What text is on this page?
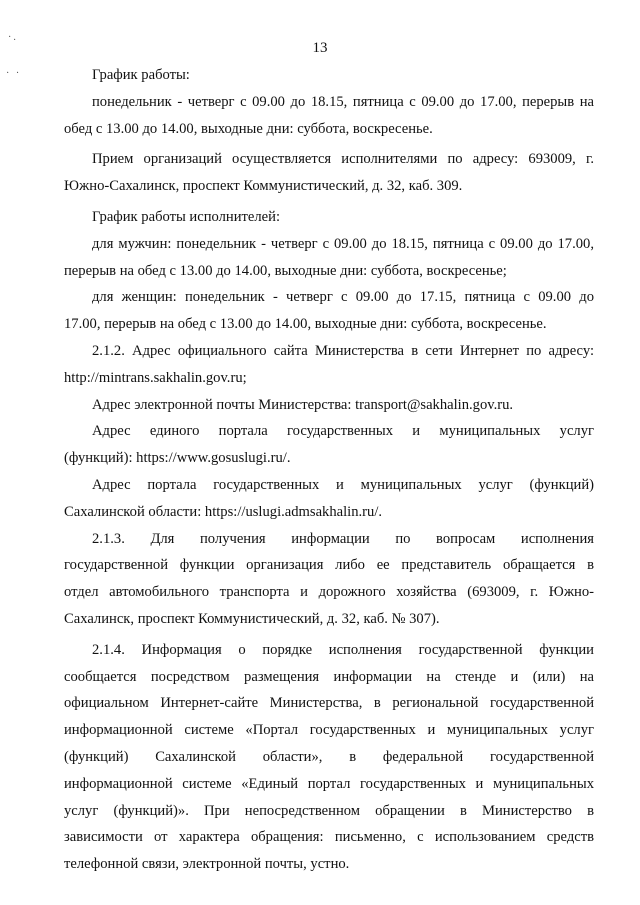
·.
· ·
13
График работы:
понедельник - четверг с 09.00 до 18.15, пятница с 09.00 до 17.00, перерыв на
обед с 13.00 до 14.00, выходные дни: суббота, воскресенье.
Прием организаций осуществляется исполнителями по адресу: 693009, г.
Южно-Сахалинск, проспект Коммунистический, д. 32, каб. 309.
График работы исполнителей:
для мужчин: понедельник - четверг с 09.00 до 18.15, пятница с 09.00 до 17.00,
перерыв на обед с 13.00 до 14.00, выходные дни: суббота, воскресенье;
для женщин: понедельник - четверг с 09.00 до 17.15, пятница с 09.00 до
17.00, перерыв на обед с 13.00 до 14.00, выходные дни: суббота, воскресенье.
2.1.2. Адрес официального сайта Министерства в сети Интернет по адресу:
http://mintrans.sakhalin.gov.ru;
Адрес электронной почты Министерства: transport@sakhalin.gov.ru.
Адрес единого портала государственных и муниципальных услуг
(функций): https://www.gosuslugi.ru/.
Адрес портала государственных и муниципальных услуг (функций)
Сахалинской области: https://uslugi.admsakhalin.ru/.
2.1.3. Для получения информации по вопросам исполнения
государственной функции организация либо ее представитель обращается в
отдел автомобильного транспорта и дорожного хозяйства (693009, г. Южно-
Сахалинск, проспект Коммунистический, д. 32, каб. № 307).
2.1.4. Информация о порядке исполнения государственной функции
сообщается посредством размещения информации на стенде и (или) на
официальном Интернет-сайте Министерства, в региональной государственной
информационной системе «Портал государственных и муниципальных услуг
(функций) Сахалинской области», в федеральной государственной
информационной системе «Единый портал государственных и муниципальных
услуг (функций)». При непосредственном обращении в Министерство в
зависимости от характера обращения: письменно, с использованием средств
телефонной связи, электронной почты, устно.
